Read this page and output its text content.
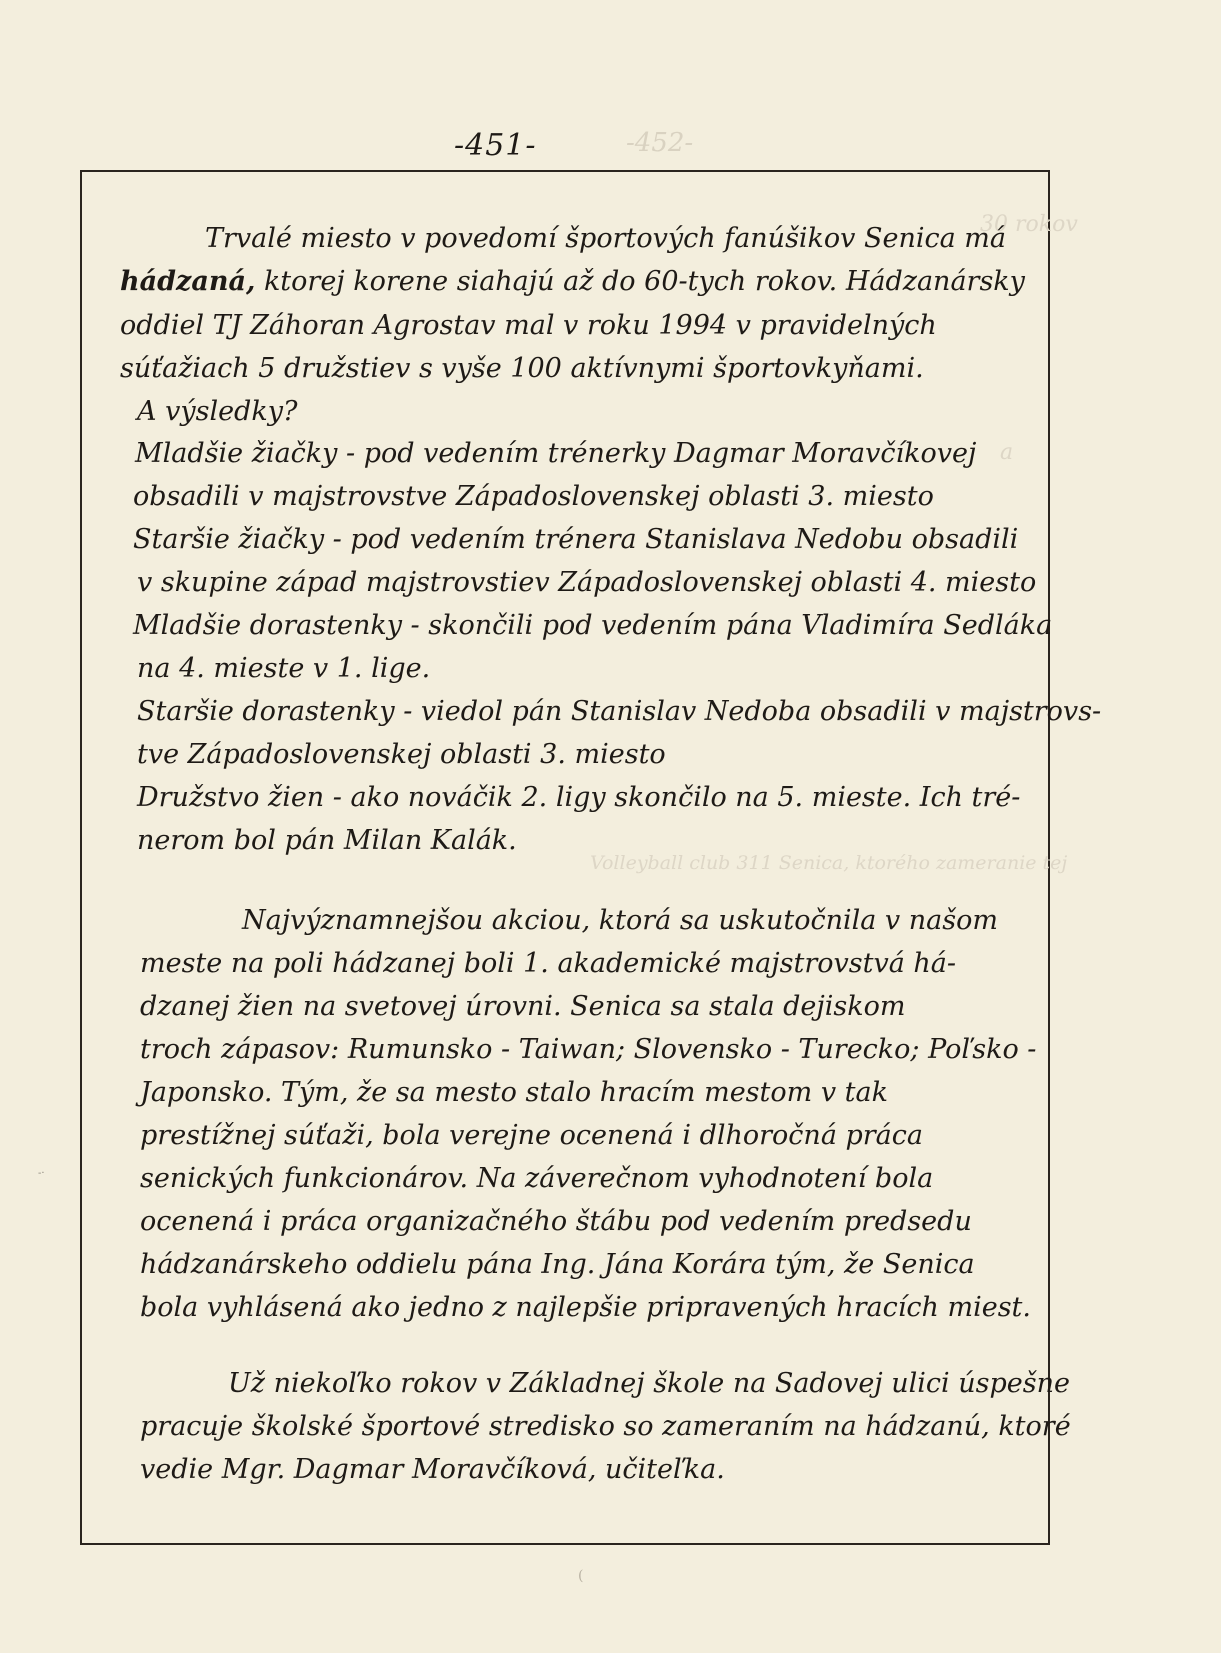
-451-	-452-
30 rokov
a
Volleyball club 311 Senica, ktorého zameranie tej
Trvalé miesto v povedomí športových fanúšikov Senica má
hádzaná, ktorej korene siahajú až do 60-tych rokov. Hádzanársky
oddiel TJ Záhoran Agrostav mal v roku 1994 v pravidelných
súťažiach 5 družstiev s vyše 100 aktívnymi športovkyňami.
A výsledky?
Mladšie žiačky - pod vedením trénerky Dagmar Moravčíkovej
obsadili v majstrovstve Západoslovenskej oblasti 3. miesto
Staršie žiačky - pod vedením trénera Stanislava Nedobu obsadili
v skupine západ majstrovstiev Západoslovenskej oblasti 4. miesto
Mladšie dorastenky - skončili pod vedením pána Vladimíra Sedláka
na 4. mieste v 1. lige.
Staršie dorastenky - viedol pán Stanislav Nedoba obsadili v majstrovs-
tve Západoslovenskej oblasti 3. miesto
Družstvo žien - ako nováčik 2. ligy skončilo na 5. mieste. Ich tré-
nerom bol pán Milan Kalák.
Najvýznamnejšou akciou, ktorá sa uskutočnila v našom
meste na poli hádzanej boli 1. akademické majstrovstvá há-
dzanej žien na svetovej úrovni. Senica sa stala dejiskom
troch zápasov: Rumunsko - Taiwan; Slovensko - Turecko; Poľsko -
Japonsko. Tým, že sa mesto stalo hracím mestom v tak
prestížnej súťaži, bola verejne ocenená i dlhoročná práca
senických funkcionárov. Na záverečnom vyhodnotení bola
ocenená i práca organizačného štábu pod vedením predsedu
hádzanárskeho oddielu pána Ing. Jána Korára tým, že Senica
bola vyhlásená ako jedno z najlepšie pripravených hracích miest.
Už niekoľko rokov v Základnej škole na Sadovej ulici úspešne
pracuje školské športové stredisko so zameraním na hádzanú, ktoré
vedie Mgr. Dagmar Moravčíková, učiteľka.
-·
(
